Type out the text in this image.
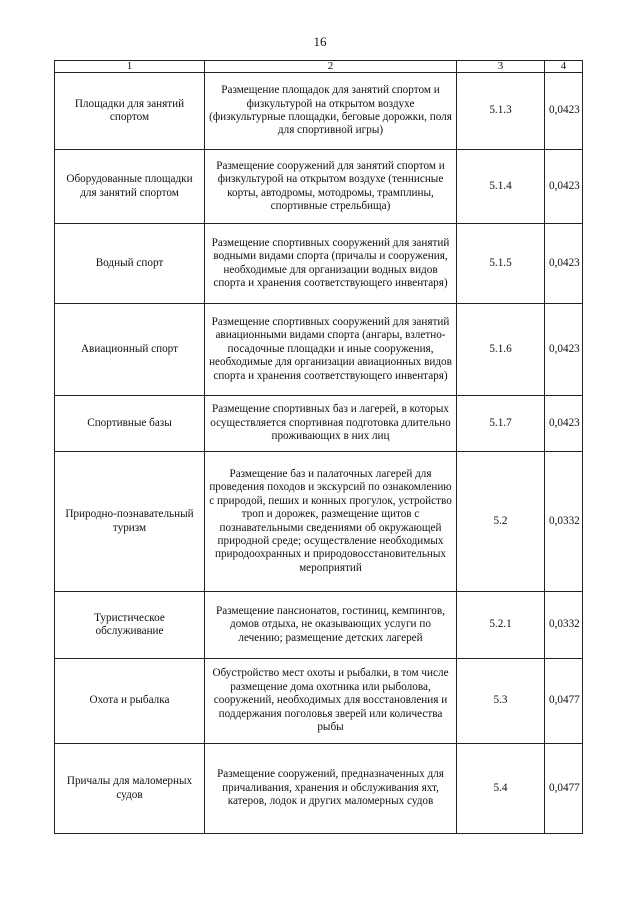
16
1	2	3	4
Площадки для занятий спортом	Размещение площадок для занятий спортом и физкультурой на открытом воздухе (физкультурные площадки, беговые дорожки, поля для спортивной игры)	5.1.3	0,0423
Оборудованные площадки для занятий спортом	Размещение сооружений для занятий спортом и физкультурой на открытом воздухе (теннисные корты, автодромы, мотодромы, трамплины, спортивные стрельбища)	5.1.4	0,0423
Водный спорт	Размещение спортивных сооружений для занятий водными видами спорта (причалы и сооружения, необходимые для организации водных видов спорта и хранения соответствующего инвентаря)	5.1.5	0,0423
Авиационный спорт	Размещение спортивных сооружений для занятий авиационными видами спорта (ангары, взлетно-посадочные площадки и иные сооружения, необходимые для организации авиационных видов спорта и хранения соответствующего инвентаря)	5.1.6	0,0423
Спортивные базы	Размещение спортивных баз и лагерей, в которых осуществляется спортивная подготовка длительно проживающих в них лиц	5.1.7	0,0423
Природно-познавательный туризм	Размещение баз и палаточных лагерей для проведения походов и экскурсий по ознакомлению с природой, пеших и конных прогулок, устройство троп и дорожек, размещение щитов с познавательными сведениями об окружающей природной среде; осуществление необходимых природоохранных и природовосстановительных мероприятий	5.2	0,0332
Туристическое обслуживание	Размещение пансионатов, гостиниц, кемпингов, домов отдыха, не оказывающих услуги по лечению; размещение детских лагерей	5.2.1	0,0332
Охота и рыбалка	Обустройство мест охоты и рыбалки, в том числе размещение дома охотника или рыболова, сооружений, необходимых для восстановления и поддержания поголовья зверей или количества рыбы	5.3	0,0477
Причалы для маломерных судов	Размещение сооружений, предназначенных для причаливания, хранения и обслуживания яхт, катеров, лодок и других маломерных судов	5.4	0,0477
